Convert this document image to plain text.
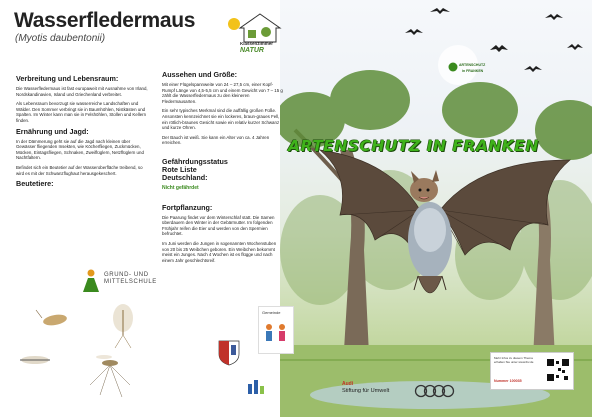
ARTENSCHUTZ IN FRANKEN
Wasserfledermaus
(Myotis daubentonii)	Klassenzimmer
NATUR
ARTENSCHUTZ
in FRANKEN
Verbreitung und Lebensraum:

Die Wasserfledermaus ist fast europaweit mit Ausnahme von Irland, Nordskandinavien, Island und Griechenland verbreitet.

Als Lebensraum bevorzugt sie wasserreiche Landschaften und Wälder. Den Sommer verbringt sie in Baumhöhlen, Nistkästen und Spalten. Im Winter kann man sie in Felshöhlen, Stollen und Kellern finden.

Ernährung und Jagd:

In der Dämmerung geht sie auf die Jagd nach kleinen über Gewässer fliegenden Insekten, wie Köcherfliegen, Zuckmücken, Mücken, Eintagsfliegen, Schnaken, Zweiflüglern, Netzflüglern und Nachtfaltern.

Befindet sich ein Beutetier auf der Wasseroberfläche treibend, so wird es mit der Schwanzflughaut herausgekeschert.

Beutetiere:
Aussehen und Größe:

Mit einer Flügelspannweite von 24 – 27,5 cm, einer Kopf-Rumpf Länge von 4,5-5,5 cm und einem Gewicht von 7 – 15 g zählt die Wasserfledermaus zu den kleineren Fledermausarten.

Ein sehr typisches Merkmal sind die auffällig großen Füße. Ansonsten kennzeichnet sie ein lockeres, braun-graues Fell, ein rötlich-braunes Gesicht sowie ein relativ kurzer Schwanz und kurze Ohren.

Der Bauch ist weiß. Sie kann ein Alter von ca. 4 Jahren erreichen.

Gefährdungsstatus
Rote Liste
Deutschland:

Nicht gefährdet

Fortpflanzung:

Die Paarung findet vor dem Winterschlaf statt. Die Samen überdauern den Winter in der Gebärmutter. Im folgenden Frühjahr reifen die Eier und werden von den Spermien befruchtet.

Im Juni werden die Jungen in sogenannten Wochenstuben von 20 bis 25 Weibchen geboren. Ein Weibchen bekommt meist ein Junges. Nach 4 Wochen ist es flügge und nach einem Jahr geschlechtsreif.

GRUND- UND
MITTELSCHULE
Gemeinde
Audi
Stiftung für Umwelt
Mehr Infos zu diesem Thema erhalten Sie unter www.lbv.de
Nummer 100035
